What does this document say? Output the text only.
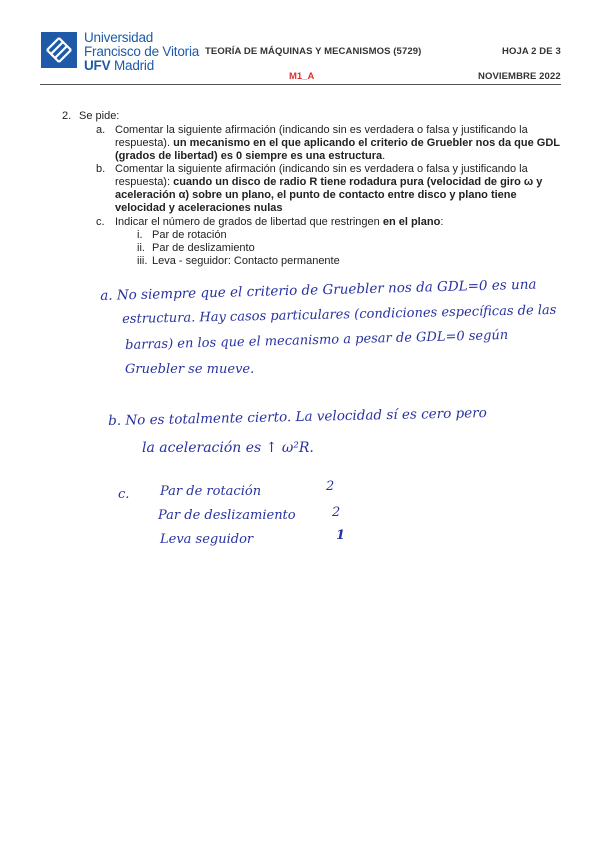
Universidad
Francisco de Vitoria
UFV Madrid
TEORÍA DE MÁQUINAS Y MECANISMOS (5729)	HOJA 2 DE 3
M1_A	NOVIEMBRE 2022
2. Se pide:
a. Comentar la siguiente afirmación (indicando sin es verdadera o falsa y justificando la respuesta). un mecanismo en el que aplicando el criterio de Gruebler nos da que GDL (grados de libertad) es 0 siempre es una estructura.
b. Comentar la siguiente afirmación (indicando sin es verdadera o falsa y justificando la respuesta): cuando un disco de radio R tiene rodadura pura (velocidad de giro ω y aceleración α) sobre un plano, el punto de contacto entre disco y plano tiene velocidad y aceleraciones nulas
c. Indicar el número de grados de libertad que restringen en el plano:
i. Par de rotación
ii. Par de deslizamiento
iii. Leva - seguidor: Contacto permanente
a. No siempre que el criterio de Gruebler nos da GDL=0 es una
estructura. Hay casos particulares (condiciones específicas de las
barras) en los que el mecanismo a pesar de GDL=0 según
Gruebler se mueve.
b. No es totalmente cierto. La velocidad sí es cero pero
la aceleración es ↑ ω²R.
c. Par de rotación	2
Par de deslizamiento	2
Leva seguidor	1
